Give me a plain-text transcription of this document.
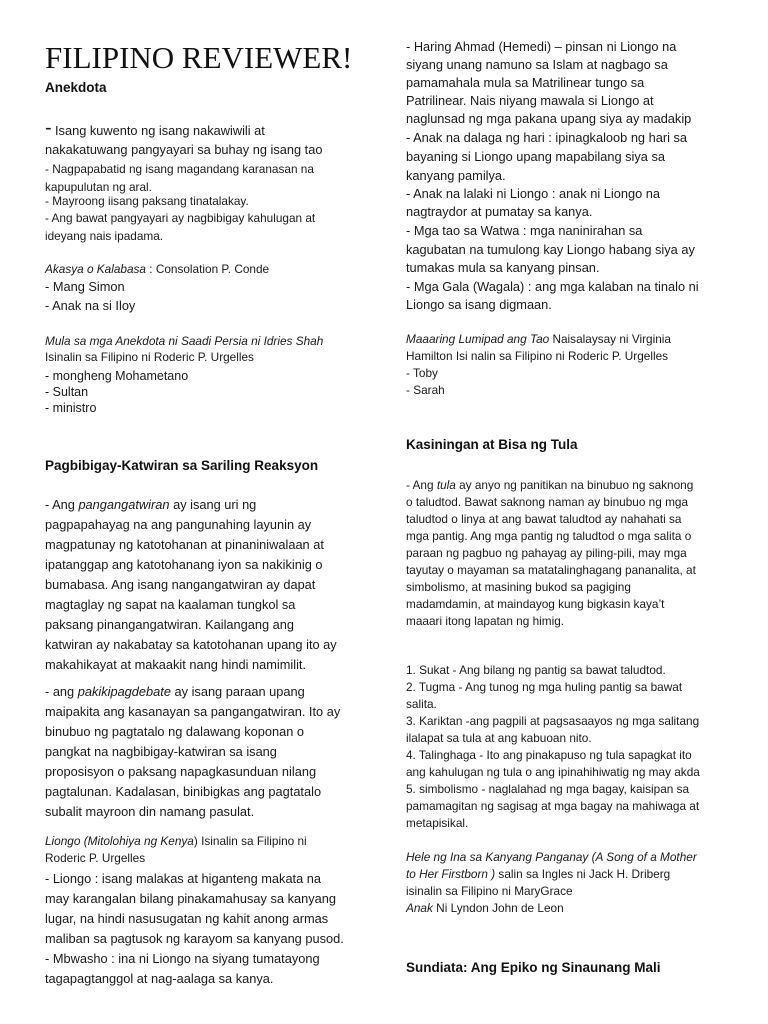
FILIPINO REVIEWER!
Anekdota
- Isang kuwento ng isang nakawiwili at
nakakatuwang pangyayari sa buhay ng isang tao
- Nagpapabatid ng isang magandang karanasan na
kapupulutan ng aral.
- Mayroong iisang paksang tinatalakay.
- Ang bawat pangyayari ay nagbibigay kahulugan at
ideyang nais ipadama.
Akasya o Kalabasa : Consolation P. Conde
- Mang Simon
- Anak na si Iloy
Mula sa mga Anekdota ni Saadi Persia ni Idries Shah
Isinalin sa Filipino ni Roderic P. Urgelles
- mongheng Mohametano
- Sultan
- ministro
Pagbibigay-Katwiran sa Sariling Reaksyon
- Ang pangangatwiran ay isang uri ng
pagpapahayag na ang pangunahing layunin ay
magpatunay ng katotohanan at pinaniniwalaan at
ipatanggap ang katotohanang iyon sa nakikinig o
bumabasa. Ang isang nangangatwiran ay dapat
magtaglay ng sapat na kaalaman tungkol sa
paksang pinangangatwiran. Kailangang ang
katwiran ay nakabatay sa katotohanan upang ito ay
makahikayat at makaakit nang hindi namimilit.
- ang pakikipagdebate ay isang paraan upang
maipakita ang kasanayan sa pangangatwiran. Ito ay
binubuo ng pagtatalo ng dalawang koponan o
pangkat na nagbibigay-katwiran sa isang
proposisyon o paksang napagkasunduan nilang
pagtalunan. Kadalasan, binibigkas ang pagtatalo
subalit mayroon din namang pasulat.
Liongo (Mitolohiya ng Kenya) Isinalin sa Filipino ni
Roderic P. Urgelles
- Liongo : isang malakas at higanteng makata na
may karangalan bilang pinakamahusay sa kanyang
lugar, na hindi nasusugatan ng kahit anong armas
maliban sa pagtusok ng karayom sa kanyang pusod.
- Mbwasho : ina ni Liongo na siyang tumatayong
tagapagtanggol at nag-aalaga sa kanya.
- Haring Ahmad (Hemedi) – pinsan ni Liongo na
siyang unang namuno sa Islam at nagbago sa
pamamahala mula sa Matrilinear tungo sa
Patrilinear. Nais niyang mawala si Liongo at
naglunsad ng mga pakana upang siya ay madakip
- Anak na dalaga ng hari : ipinagkaloob ng hari sa
bayaning si Liongo upang mapabilang siya sa
kanyang pamilya.
- Anak na lalaki ni Liongo : anak ni Liongo na
nagtraydor at pumatay sa kanya.
- Mga tao sa Watwa : mga naninirahan sa
kagubatan na tumulong kay Liongo habang siya ay
tumakas mula sa kanyang pinsan.
- Mga Gala (Wagala) : ang mga kalaban na tinalo ni
Liongo sa isang digmaan.
Maaaring Lumipad ang Tao Naisalaysay ni Virginia
Hamilton Isi nalin sa Filipino ni Roderic P. Urgelles
- Toby
- Sarah
Kasiningan at Bisa ng Tula
- Ang tula ay anyo ng panitikan na binubuo ng saknong
o taludtod. Bawat saknong naman ay binubuo ng mga
taludtod o linya at ang bawat taludtod ay nahahati sa
mga pantig. Ang mga pantig ng taludtod o mga salita o
paraan ng pagbuo ng pahayag ay piling-pili, may mga
tayutay o mayaman sa matatalinghagang pananalita, at
simbolismo, at masining bukod sa pagiging
madamdamin, at maindayog kung bigkasin kaya’t
maaari itong lapatan ng himig.
1. Sukat - Ang bilang ng pantig sa bawat taludtod.
2. Tugma - Ang tunog ng mga huling pantig sa bawat
salita.
3. Kariktan -ang pagpili at pagsasaayos ng mga salitang
ilalapat sa tula at ang kabuoan nito.
4. Talinghaga - Ito ang pinakapuso ng tula sapagkat ito
ang kahulugan ng tula o ang ipinahihiwatig ng may akda
5. simbolismo - naglalahad ng mga bagay, kaisipan sa
pamamagitan ng sagisag at mga bagay na mahiwaga at
metapisikal.
Hele ng Ina sa Kanyang Panganay (A Song of a Mother
to Her Firstborn ) salin sa Ingles ni Jack H. Driberg
isinalin sa Filipino ni MaryGrace
Anak Ni Lyndon John de Leon
Sundiata: Ang Epiko ng Sinaunang Mali
